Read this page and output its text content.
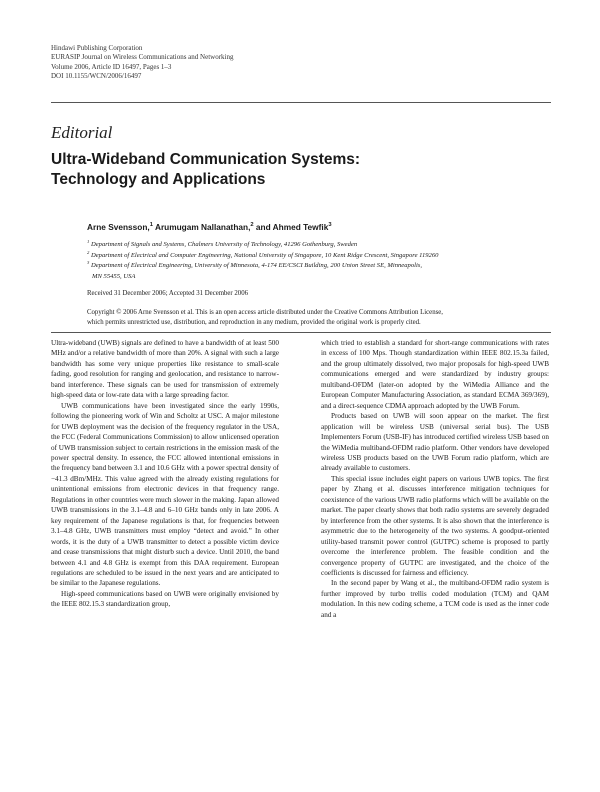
Hindawi Publishing Corporation
EURASIP Journal on Wireless Communications and Networking
Volume 2006, Article ID 16497, Pages 1–3
DOI 10.1155/WCN/2006/16497
Editorial
Ultra-Wideband Communication Systems:
Technology and Applications
Arne Svensson,$^1$ Arumugam Nallanathan,$^2$ and Ahmed Tewfik$^3$
$^1$ Department of Signals and Systems, Chalmers University of Technology, 41296 Gothenburg, Sweden
$^2$ Department of Electrical and Computer Engineering, National University of Singapore, 10 Kent Ridge Crescent, Singapore 119260
$^3$ Department of Electrical Engineering, University of Minnesota, 4-174 EE/CSCI Building, 200 Union Street SE, Minneapolis,
MN 55455, USA
Received 31 December 2006; Accepted 31 December 2006
Copyright © 2006 Arne Svensson et al. This is an open access article distributed under the Creative Commons Attribution License,
which permits unrestricted use, distribution, and reproduction in any medium, provided the original work is properly cited.

Ultra-wideband (UWB) signals are defined to have a bandwidth of at least 500 MHz and/or a relative bandwidth of more than 20%. A signal with such a large bandwidth has some very unique properties like resistance to small-scale fading, good resolution for ranging and geolocation, and resistance to narrow-band interference. These signals can be used for transmission of extremely high-speed data or low-rate data with a large spreading factor.

UWB communications have been investigated since the early 1990s, following the pioneering work of Win and Scholtz at USC. A major milestone for UWB deployment was the decision of the frequency regulator in the USA, the FCC (Federal Communications Commission) to allow unlicensed operation of UWB transmission subject to certain restrictions in the emission mask of the power spectral density. In essence, the FCC allowed intentional emissions in the frequency band between 3.1 and 10.6 GHz with a power spectral density of −41.3 dBm/MHz. This value agreed with the already existing regulations for unintentional emissions from electronic devices in that frequency range. Regulations in other countries were much slower in the making. Japan allowed UWB transmissions in the 3.1–4.8 and 6–10 GHz bands only in late 2006. A key requirement of the Japanese regulations is that, for frequencies between 3.1–4.8 GHz, UWB transmitters must employ “detect and avoid.” In other words, it is the duty of a UWB transmitter to detect a possible victim device and cease transmissions that might disturb such a device. Until 2010, the band between 4.1 and 4.8 GHz is exempt from this DAA requirement. European regulations are scheduled to be issued in the next years and are anticipated to be similar to the Japanese regulations.

High-speed communications based on UWB were originally envisioned by the IEEE 802.15.3 standardization group,

which tried to establish a standard for short-range communications with rates in excess of 100 Mps. Though standardization within IEEE 802.15.3a failed, and the group ultimately dissolved, two major proposals for high-speed UWB communications emerged and were standardized by industry groups: multiband-OFDM (later-on adopted by the WiMedia Alliance and the European Computer Manufacturing Association, as standard ECMA 369/369), and a direct-sequence CDMA approach adopted by the UWB Forum.

Products based on UWB will soon appear on the market. The first application will be wireless USB (universal serial bus). The USB Implementers Forum (USB-IF) has introduced certified wireless USB based on the WiMedia multiband-OFDM radio platform. Other vendors have developed wireless USB products based on the UWB Forum radio platform, which are already available to customers.

This special issue includes eight papers on various UWB topics. The first paper by Zhang et al. discusses interference mitigation techniques for coexistence of the various UWB radio platforms which will be available on the market. The paper clearly shows that both radio systems are severely degraded by interference from the other systems. It is also shown that the interference is asymmetric due to the heterogeneity of the two systems. A goodput-oriented utility-based transmit power control (GUTPC) scheme is proposed to partly overcome the interference problem. The feasible condition and the convergence property of GUTPC are investigated, and the choice of the coefficients is discussed for fairness and efficiency.

In the second paper by Wang et al., the multiband-OFDM radio system is further improved by turbo trellis coded modulation (TCM) and QAM modulation. In this new coding scheme, a TCM code is used as the inner code and a
